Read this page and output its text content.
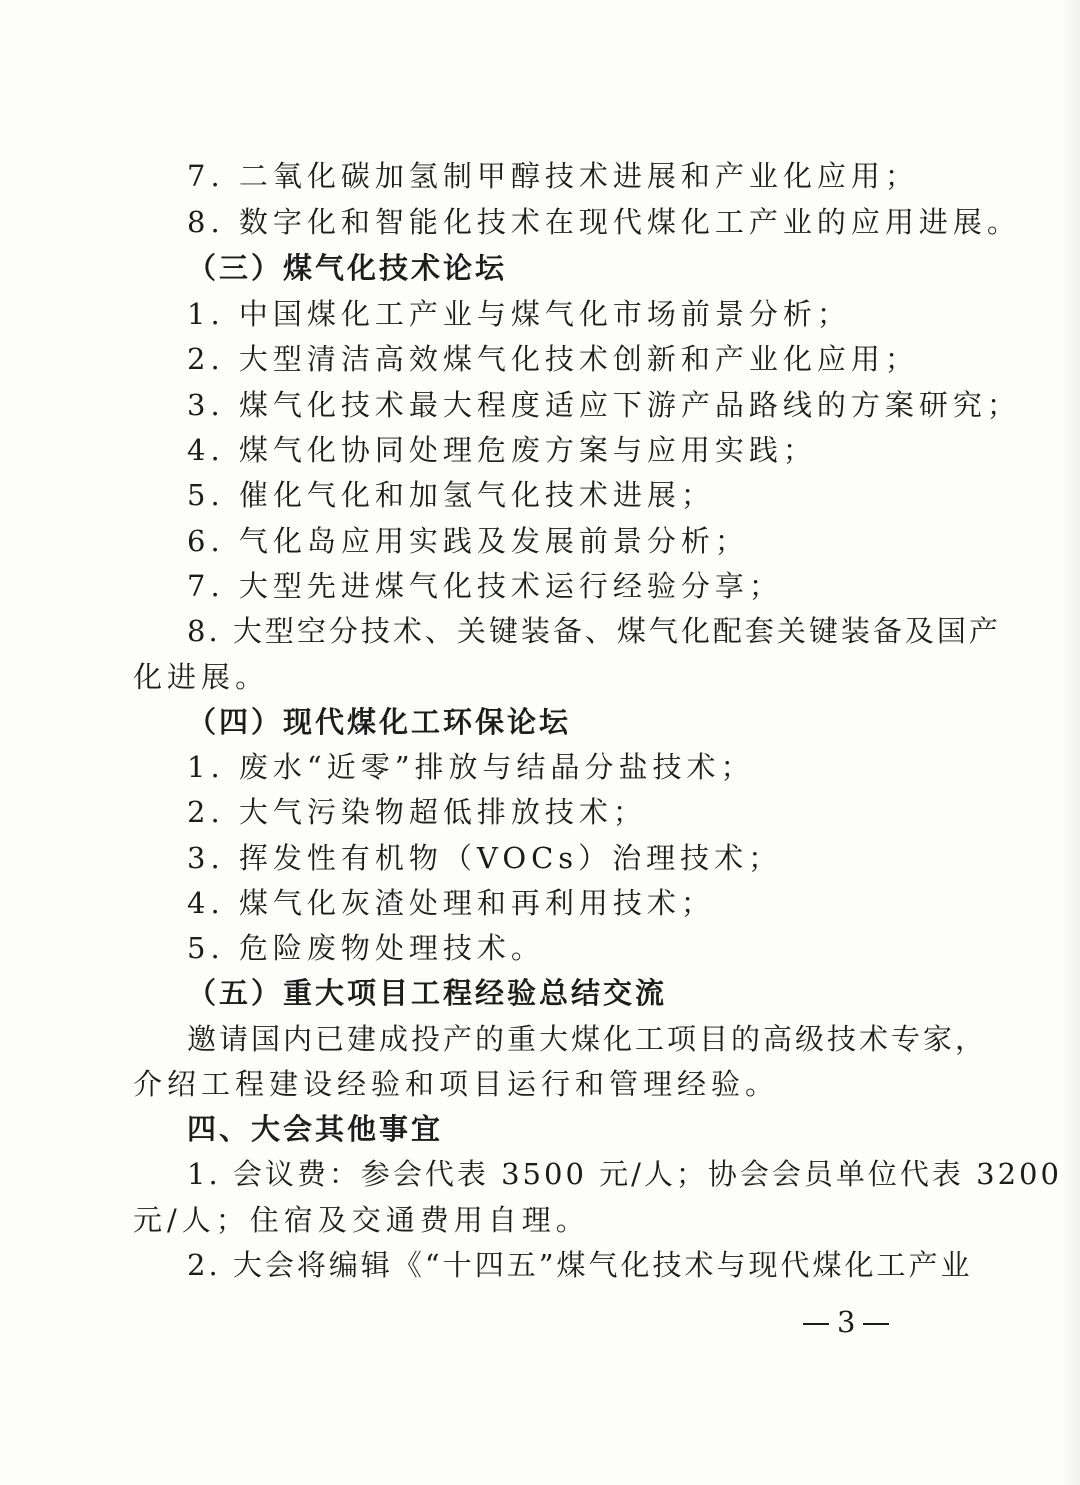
7. 二氧化碳加氢制甲醇技术进展和产业化应用；
8. 数字化和智能化技术在现代煤化工产业的应用进展。
（三）煤气化技术论坛
1. 中国煤化工产业与煤气化市场前景分析；
2. 大型清洁高效煤气化技术创新和产业化应用；
3. 煤气化技术最大程度适应下游产品路线的方案研究；
4. 煤气化协同处理危废方案与应用实践；
5. 催化气化和加氢气化技术进展；
6. 气化岛应用实践及发展前景分析；
7. 大型先进煤气化技术运行经验分享；
8. 大型空分技术、关键装备、煤气化配套关键装备及国产
化进展。
（四）现代煤化工环保论坛
1. 废水“近零”排放与结晶分盐技术；
2. 大气污染物超低排放技术；
3. 挥发性有机物（VOCs）治理技术；
4. 煤气化灰渣处理和再利用技术；
5. 危险废物处理技术。
（五）重大项目工程经验总结交流
邀请国内已建成投产的重大煤化工项目的高级技术专家，
介绍工程建设经验和项目运行和管理经验。
四、大会其他事宜
1. 会议费：参会代表 3500 元/人；协会会员单位代表 3200
元/人；住宿及交通费用自理。
2. 大会将编辑《“十四五”煤气化技术与现代煤化工产业
3
